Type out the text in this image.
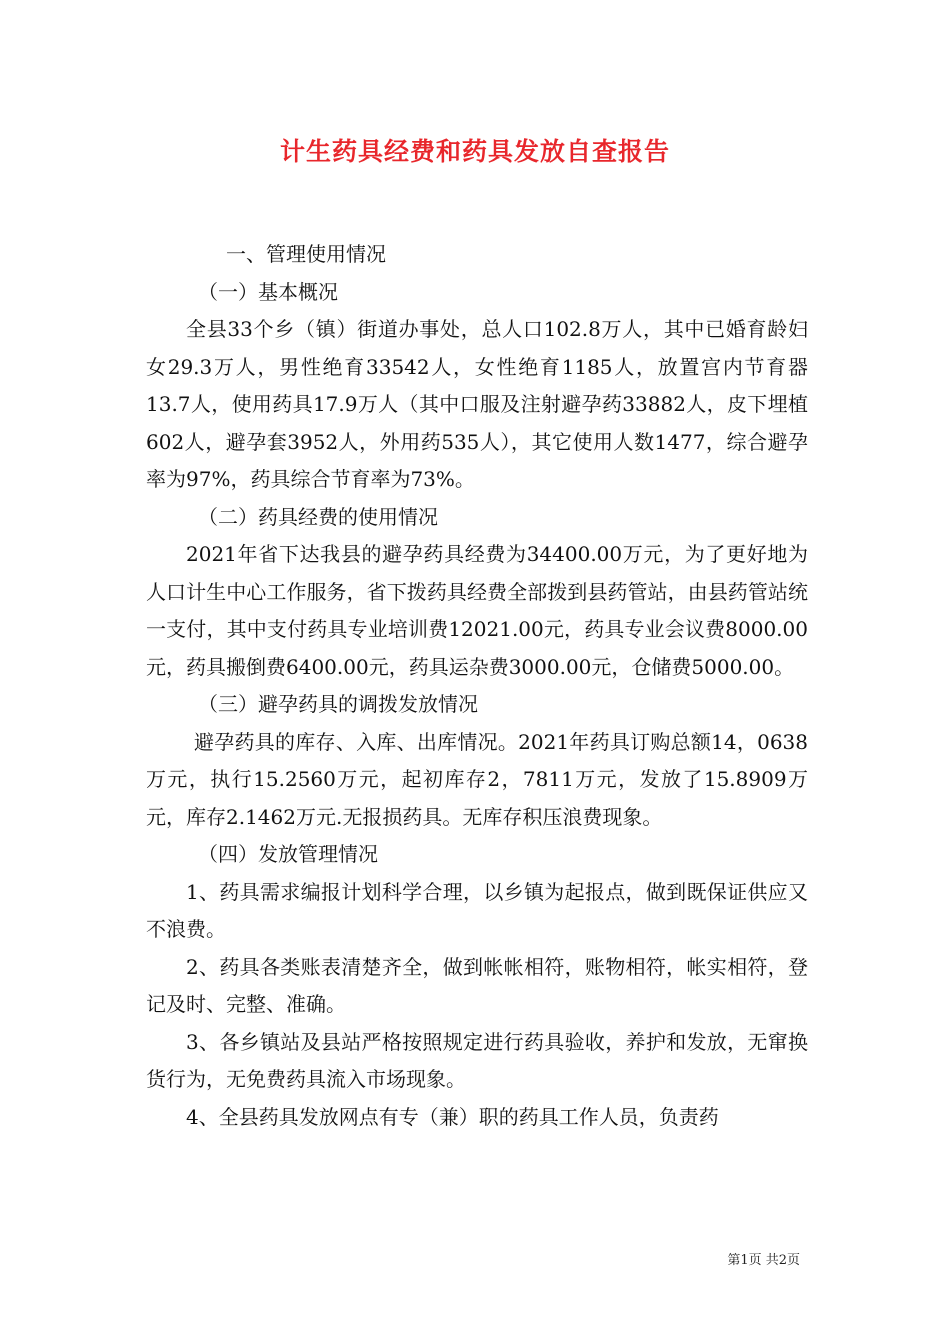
计生药具经费和药具发放自查报告

一、管理使用情况

（一）基本概况

全县33个乡（镇）街道办事处，总人口102.8万人，其中已婚育龄妇女29.3万人，男性绝育33542人，女性绝育1185人，放置宫内节育器13.7人，使用药具17.9万人（其中口服及注射避孕药33882人，皮下埋植602人，避孕套3952人，外用药535人），其它使用人数1477，综合避孕率为97%，药具综合节育率为73%。

（二）药具经费的使用情况

2021年省下达我县的避孕药具经费为34400.00万元，为了更好地为人口计生中心工作服务，省下拨药具经费全部拨到县药管站，由县药管站统一支付，其中支付药具专业培训费12021.00元，药具专业会议费8000.00元，药具搬倒费6400.00元，药具运杂费3000.00元，仓储费5000.00。

（三）避孕药具的调拨发放情况

避孕药具的库存、入库、出库情况。2021年药具订购总额14，0638万元，执行15.2560万元，起初库存2，7811万元，发放了15.8909万元，库存2.1462万元.无报损药具。无库存积压浪费现象。

（四）发放管理情况

1、药具需求编报计划科学合理，以乡镇为起报点，做到既保证供应又不浪费。

2、药具各类账表清楚齐全，做到帐帐相符，账物相符，帐实相符，登记及时、完整、准确。

3、各乡镇站及县站严格按照规定进行药具验收，养护和发放，无窜换货行为，无免费药具流入市场现象。

4、全县药具发放网点有专（兼）职的药具工作人员，负责药

第1页 共2页
